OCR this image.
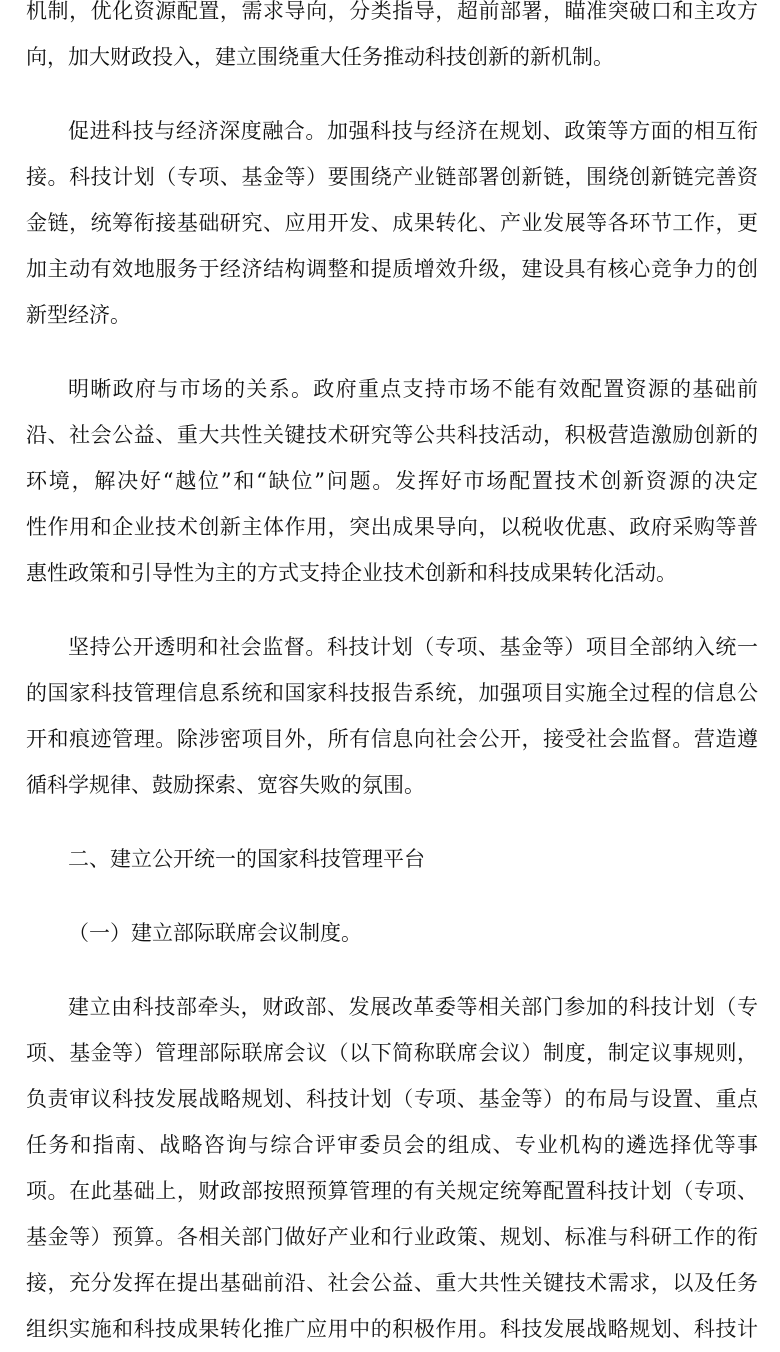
机制，优化资源配置，需求导向，分类指导，超前部署，瞄准突破口和主攻方
向，加大财政投入，建立围绕重大任务推动科技创新的新机制。
促进科技与经济深度融合。加强科技与经济在规划、政策等方面的相互衔
接。科技计划（专项、基金等）要围绕产业链部署创新链，围绕创新链完善资
金链，统筹衔接基础研究、应用开发、成果转化、产业发展等各环节工作，更
加主动有效地服务于经济结构调整和提质增效升级，建设具有核心竞争力的创
新型经济。
明晰政府与市场的关系。政府重点支持市场不能有效配置资源的基础前
沿、社会公益、重大共性关键技术研究等公共科技活动，积极营造激励创新的
环境，解决好“越位”和“缺位”问题。发挥好市场配置技术创新资源的决定
性作用和企业技术创新主体作用，突出成果导向，以税收优惠、政府采购等普
惠性政策和引导性为主的方式支持企业技术创新和科技成果转化活动。
坚持公开透明和社会监督。科技计划（专项、基金等）项目全部纳入统一
的国家科技管理信息系统和国家科技报告系统，加强项目实施全过程的信息公
开和痕迹管理。除涉密项目外，所有信息向社会公开，接受社会监督。营造遵
循科学规律、鼓励探索、宽容失败的氛围。
二、建立公开统一的国家科技管理平台
（一）建立部际联席会议制度。
建立由科技部牵头，财政部、发展改革委等相关部门参加的科技计划（专
项、基金等）管理部际联席会议（以下简称联席会议）制度，制定议事规则，
负责审议科技发展战略规划、科技计划（专项、基金等）的布局与设置、重点
任务和指南、战略咨询与综合评审委员会的组成、专业机构的遴选择优等事
项。在此基础上，财政部按照预算管理的有关规定统筹配置科技计划（专项、
基金等）预算。各相关部门做好产业和行业政策、规划、标准与科研工作的衔
接，充分发挥在提出基础前沿、社会公益、重大共性关键技术需求，以及任务
组织实施和科技成果转化推广应用中的积极作用。科技发展战略规划、科技计
